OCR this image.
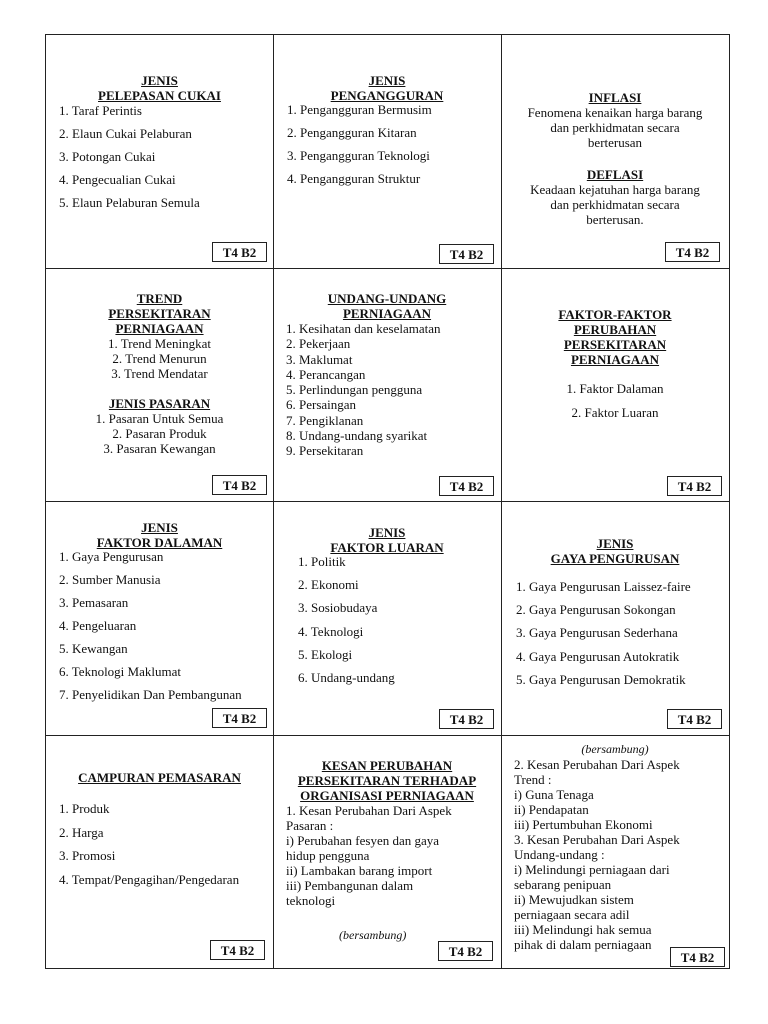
JENIS
PELEPASAN CUKAI
1. Taraf Perintis
2. Elaun Cukai Pelaburan
3. Potongan Cukai
4. Pengecualian Cukai
5. Elaun Pelaburan Semula
T4 B2
JENIS
PENGANGGURAN
1. Pengangguran Bermusim
2. Pengangguran Kitaran
3. Pengangguran Teknologi
4. Pengangguran Struktur
T4 B2
INFLASI
Fenomena kenaikan harga barang
dan perkhidmatan secara
berterusan
DEFLASI
Keadaan kejatuhan harga barang
dan perkhidmatan secara
berterusan.
T4 B2
TREND
PERSEKITARAN
PERNIAGAAN
1. Trend Meningkat
2. Trend Menurun
3. Trend Mendatar
JENIS PASARAN
1. Pasaran Untuk Semua
2. Pasaran Produk
3. Pasaran Kewangan
T4 B2
UNDANG-UNDANG
PERNIAGAAN
1. Kesihatan dan keselamatan
2. Pekerjaan
3. Maklumat
4. Perancangan
5. Perlindungan pengguna
6. Persaingan
7. Pengiklanan
8. Undang-undang syarikat
9. Persekitaran
T4 B2
FAKTOR-FAKTOR
PERUBAHAN
PERSEKITARAN
PERNIAGAAN
1. Faktor Dalaman
2. Faktor Luaran
T4 B2
JENIS
FAKTOR DALAMAN
1. Gaya Pengurusan
2. Sumber Manusia
3. Pemasaran
4. Pengeluaran
5. Kewangan
6. Teknologi Maklumat
7. Penyelidikan Dan Pembangunan
T4 B2
JENIS
FAKTOR LUARAN
1. Politik
2. Ekonomi
3. Sosiobudaya
4. Teknologi
5. Ekologi
6. Undang-undang
T4 B2
JENIS
GAYA PENGURUSAN
1. Gaya Pengurusan Laissez-faire
2. Gaya Pengurusan Sokongan
3. Gaya Pengurusan Sederhana
4. Gaya Pengurusan Autokratik
5. Gaya Pengurusan Demokratik
T4 B2
CAMPURAN PEMASARAN
1. Produk
2. Harga
3. Promosi
4. Tempat/Pengagihan/Pengedaran
T4 B2
KESAN PERUBAHAN
PERSEKITARAN TERHADAP
ORGANISASI PERNIAGAAN
1. Kesan Perubahan Dari Aspek
Pasaran :
i) Perubahan fesyen dan gaya
hidup pengguna
ii) Lambakan barang import
iii) Pembangunan dalam
teknologi
(bersambung)
T4 B2
(bersambung)
2. Kesan Perubahan Dari Aspek
Trend :
i) Guna Tenaga
ii) Pendapatan
iii) Pertumbuhan Ekonomi
3. Kesan Perubahan Dari Aspek
Undang-undang :
i) Melindungi perniagaan dari
sebarang penipuan
ii) Mewujudkan sistem
perniagaan secara adil
iii) Melindungi hak semua
pihak di dalam perniagaan
T4 B2
